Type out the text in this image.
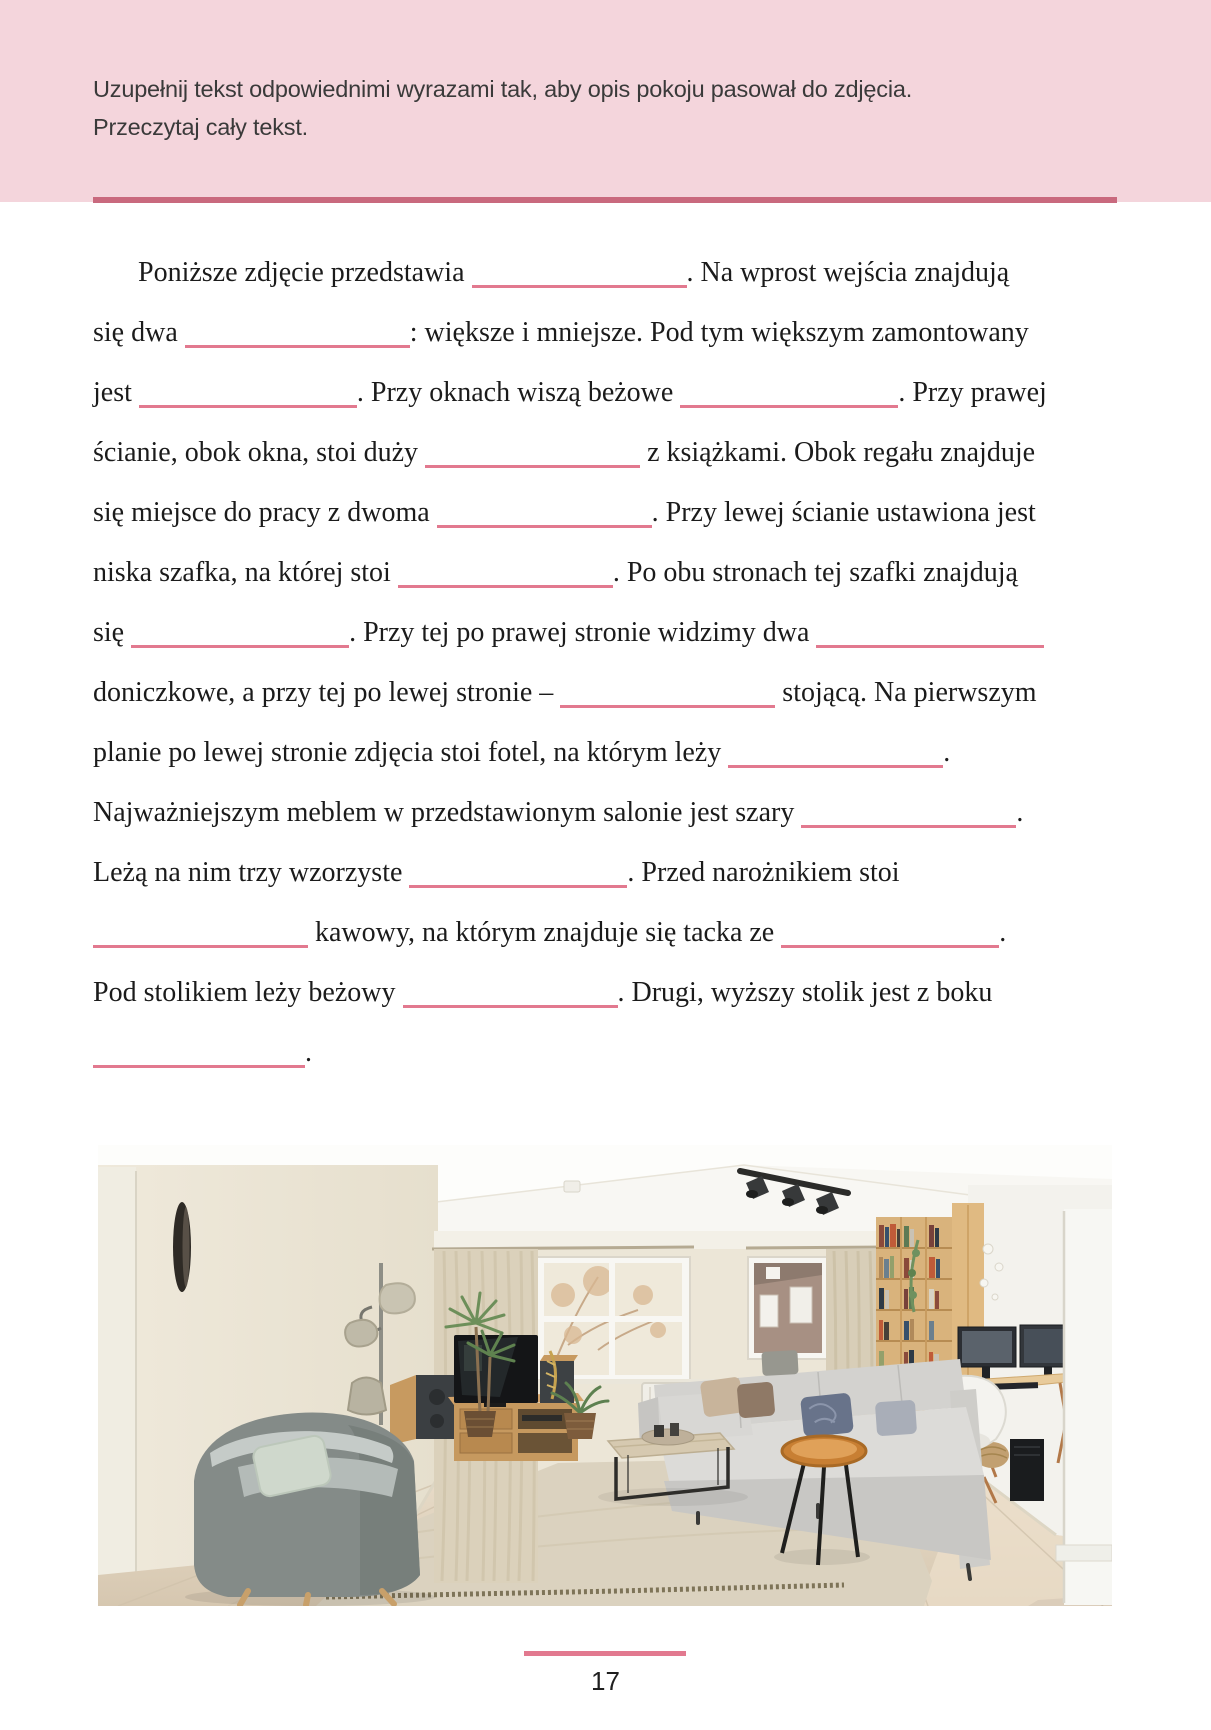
Uzupełnij tekst odpowiednimi wyrazami tak, aby opis pokoju pasował do zdjęcia.

Przeczytaj cały tekst.

Poniższe zdjęcie przedstawia	. Na wprost wejścia znajdują
się dwa	: większe i mniejsze. Pod tym większym zamontowany
jest	. Przy oknach wiszą beżowe	. Przy prawej
ścianie, obok okna, stoi duży	z książkami. Obok regału znajduje
się miejsce do pracy z dwoma	. Przy lewej ścianie ustawiona jest
niska szafka, na której stoi	. Po obu stronach tej szafki znajdują
się	. Przy tej po prawej stronie widzimy dwa
doniczkowe, a przy tej po lewej stronie –	stojącą. Na pierwszym
planie po lewej stronie zdjęcia stoi fotel, na którym leży	.
Najważniejszym meblem w przedstawionym salonie jest szary	.
Leżą na nim trzy wzorzyste	. Przed narożnikiem stoi
kawowy, na którym znajduje się tacka ze	.
Pod stolikiem leży beżowy	. Drugi, wyższy stolik jest z boku
.
17
